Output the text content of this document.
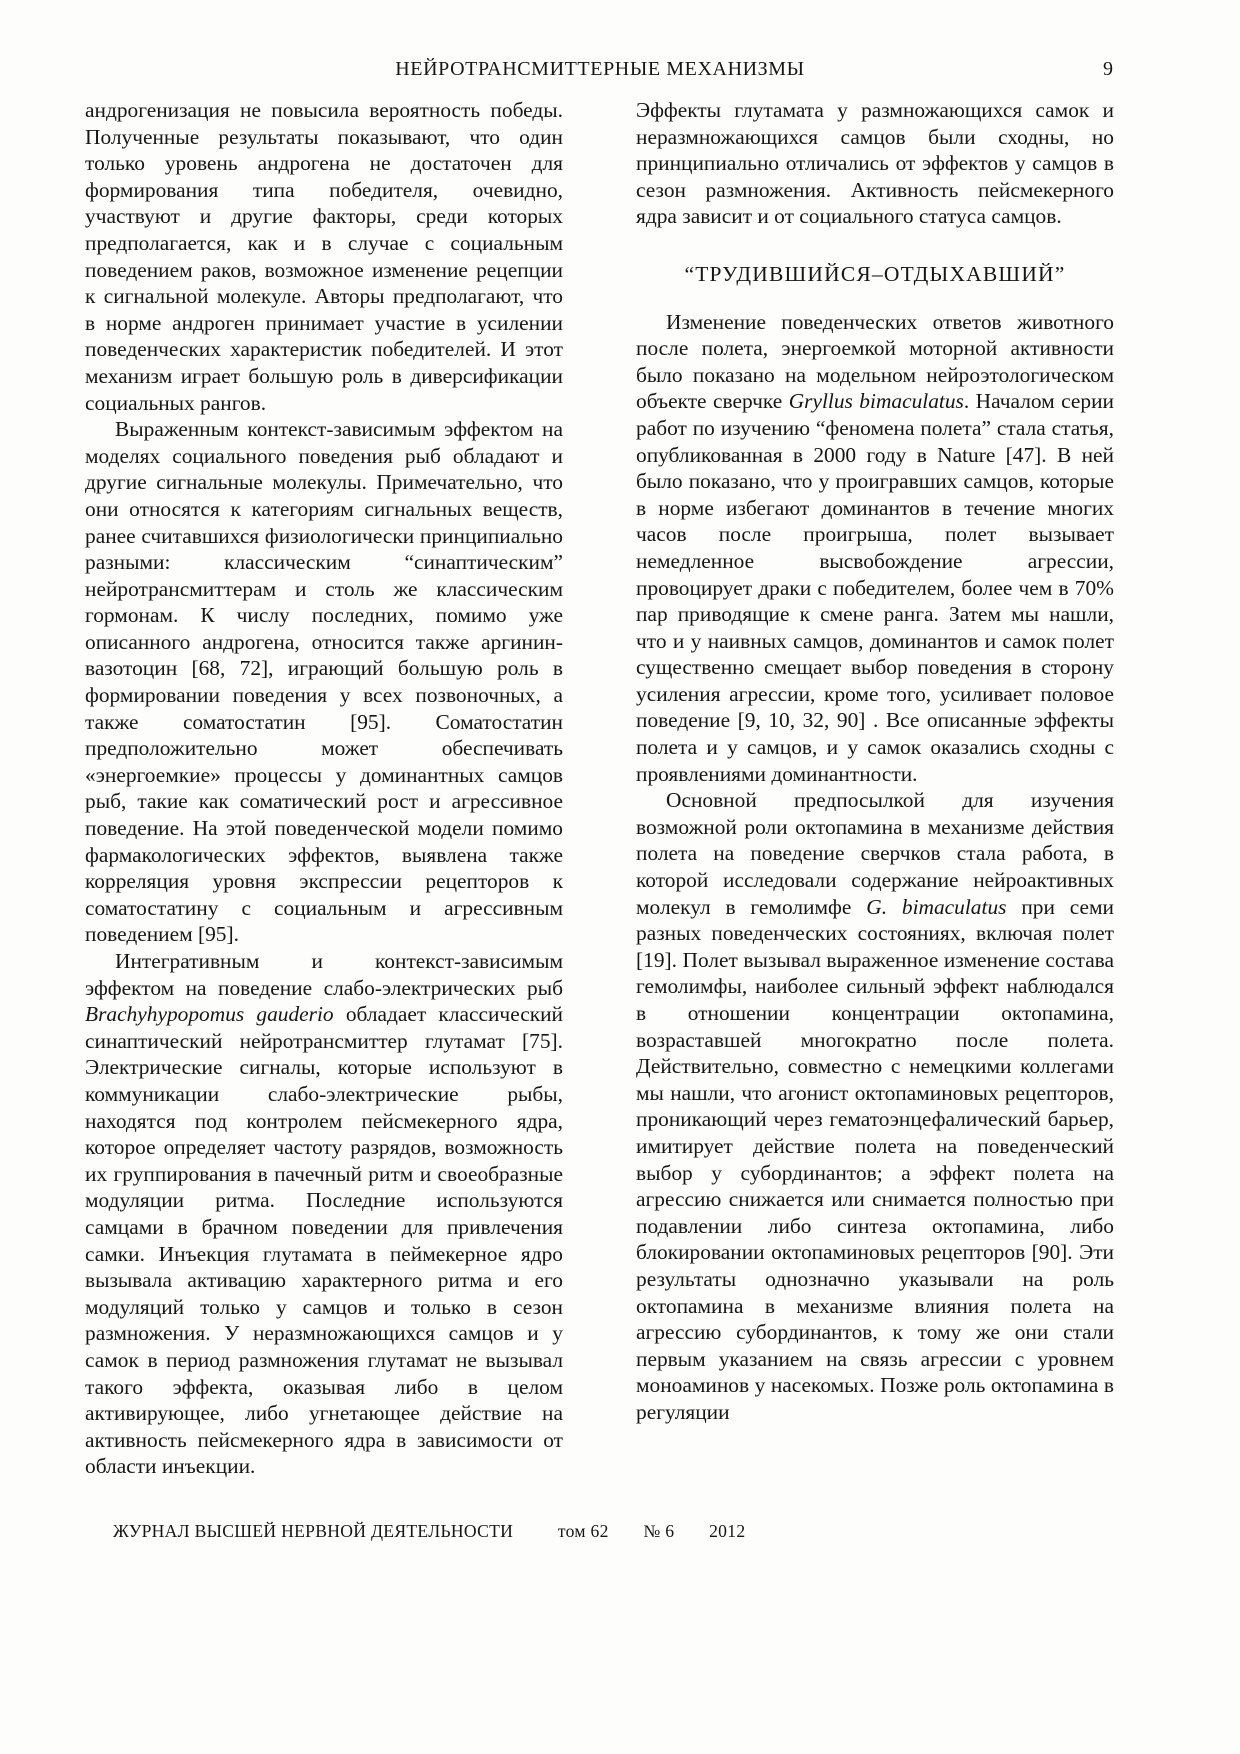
НЕЙРОТРАНСМИТТЕРНЫЕ МЕХАНИЗМЫ	9

андрогенизация не повысила вероятность победы. Полученные результаты показывают, что один только уровень андрогена не достаточен для формирования типа победителя, очевидно, участвуют и другие факторы, среди которых предполагается, как и в случае с социальным поведением раков, возможное изменение рецепции к сигнальной молекуле. Авторы предполагают, что в норме андроген принимает участие в усилении поведенческих характеристик победителей. И этот механизм играет большую роль в диверсификации социальных рангов.

Выраженным контекст-зависимым эффектом на моделях социального поведения рыб обладают и другие сигнальные молекулы. Примечательно, что они относятся к категориям сигнальных веществ, ранее считавшихся физиологически принципиально разными: классическим “синаптическим” нейротрансмиттерам и столь же классическим гормонам. К числу последних, помимо уже описанного андрогена, относится также аргинин-вазотоцин [68, 72], играющий большую роль в формировании поведения у всех позвоночных, а также соматостатин [95]. Соматостатин предположительно может обеспечивать «энергоемкие» процессы у доминантных самцов рыб, такие как соматический рост и агрессивное поведение. На этой поведенческой модели помимо фармакологических эффектов, выявлена также корреляция уровня экспрессии рецепторов к соматостатину с социальным и агрессивным поведением [95].

Интегративным и контекст-зависимым эффектом на поведение слабо-электрических рыб Brachyhypopomus gauderio обладает классический синаптический нейротрансмиттер глутамат [75]. Электрические сигналы, которые используют в коммуникации слабо-электрические рыбы, находятся под контролем пейсмекерного ядра, которое определяет частоту разрядов, возможность их группирования в пачечный ритм и своеобразные модуляции ритма. Последние используются самцами в брачном поведении для привлечения самки. Инъекция глутамата в пеймекерное ядро вызывала активацию характерного ритма и его модуляций только у самцов и только в сезон размножения. У неразмножающихся самцов и у самок в период размножения глутамат не вызывал такого эффекта, оказывая либо в целом активирующее, либо угнетающее действие на активность пейсмекерного ядра в зависимости от области инъекции.

Эффекты глутамата у размножающихся самок и неразмножающихся самцов были сходны, но принципиально отличались от эффектов у самцов в сезон размножения. Активность пейсмекерного ядра зависит и от социального статуса самцов.

“ТРУДИВШИЙСЯ–ОТДЫХАВШИЙ”

Изменение поведенческих ответов животного после полета, энергоемкой моторной активности было показано на модельном нейроэтологическом объекте сверчке Gryllus bimaculatus. Началом серии работ по изучению “феномена полета” стала статья, опубликованная в 2000 году в Nature [47]. В ней было показано, что у проигравших самцов, которые в норме избегают доминантов в течение многих часов после проигрыша, полет вызывает немедленное высвобождение агрессии, провоцирует драки с победителем, более чем в 70% пар приводящие к смене ранга. Затем мы нашли, что и у наивных самцов, доминантов и самок полет существенно смещает выбор поведения в сторону усиления агрессии, кроме того, усиливает половое поведение [9, 10, 32, 90] . Все описанные эффекты полета и у самцов, и у самок оказались сходны с проявлениями доминантности.

Основной предпосылкой для изучения возможной роли октопамина в механизме действия полета на поведение сверчков стала работа, в которой исследовали содержание нейроактивных молекул в гемолимфе G. bimaculatus при семи разных поведенческих состояниях, включая полет [19]. Полет вызывал выраженное изменение состава гемолимфы, наиболее сильный эффект наблюдался в отношении концентрации октопамина, возраставшей многократно после полета. Действительно, совместно с немецкими коллегами мы нашли, что агонист октопаминовых рецепторов, проникающий через гематоэнцефалический барьер, имитирует действие полета на поведенческий выбор у субординантов; а эффект полета на агрессию снижается или снимается полностью при подавлении либо синтеза октопамина, либо блокировании октопаминовых рецепторов [90]. Эти результаты однозначно указывали на роль октопамина в механизме влияния полета на агрессию субординантов, к тому же они стали первым указанием на связь агрессии с уровнем моноаминов у насекомых. Позже роль октопамина в регуляции

ЖУРНАЛ ВЫСШЕЙ НЕРВНОЙ ДЕЯТЕЛЬНОСТИ	том 62 № 6 2012
